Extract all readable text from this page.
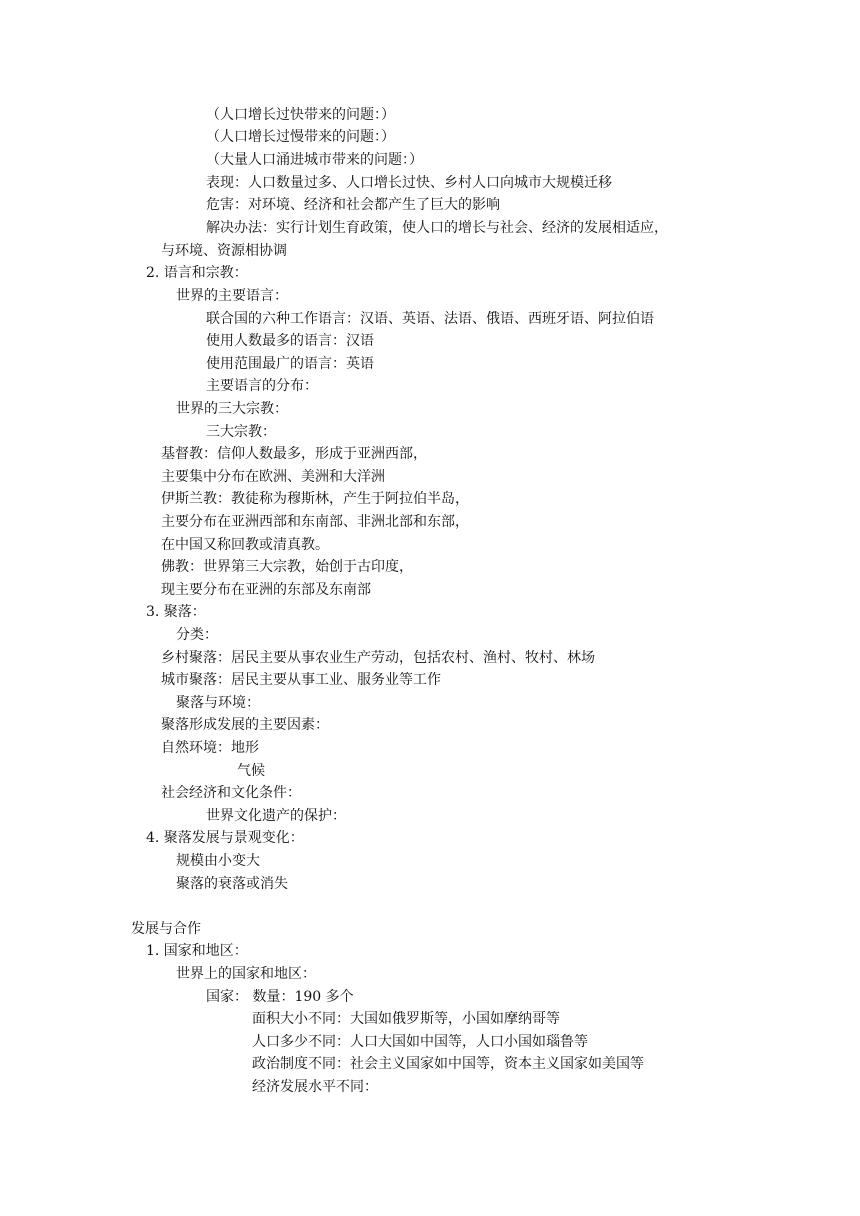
（人口增长过快带来的问题：）
（人口增长过慢带来的问题：）
（大量人口涌进城市带来的问题：）
表现：人口数量过多、人口增长过快、乡村人口向城市大规模迁移
危害：对环境、经济和社会都产生了巨大的影响
解决办法：实行计划生育政策，使人口的增长与社会、经济的发展相适应，
与环境、资源相协调
2. 语言和宗教：
世界的主要语言：
联合国的六种工作语言：汉语、英语、法语、俄语、西班牙语、阿拉伯语
使用人数最多的语言：汉语
使用范围最广的语言：英语
主要语言的分布：
世界的三大宗教：
三大宗教：
基督教：信仰人数最多，形成于亚洲西部，
主要集中分布在欧洲、美洲和大洋洲
伊斯兰教：教徒称为穆斯林，产生于阿拉伯半岛，
主要分布在亚洲西部和东南部、非洲北部和东部，
在中国又称回教或清真教。
佛教：世界第三大宗教，始创于古印度，
现主要分布在亚洲的东部及东南部
3. 聚落：
分类：
乡村聚落：居民主要从事农业生产劳动，包括农村、渔村、牧村、林场
城市聚落：居民主要从事工业、服务业等工作
聚落与环境：
聚落形成发展的主要因素：
自然环境：地形
气候
社会经济和文化条件：
世界文化遗产的保护：
4. 聚落发展与景观变化：
规模由小变大
聚落的衰落或消失
发展与合作
1. 国家和地区：
世界上的国家和地区：
国家： 数量：190 多个
面积大小不同：大国如俄罗斯等，小国如摩纳哥等
人口多少不同：人口大国如中国等，人口小国如瑙鲁等
政治制度不同：社会主义国家如中国等，资本主义国家如美国等
经济发展水平不同：
